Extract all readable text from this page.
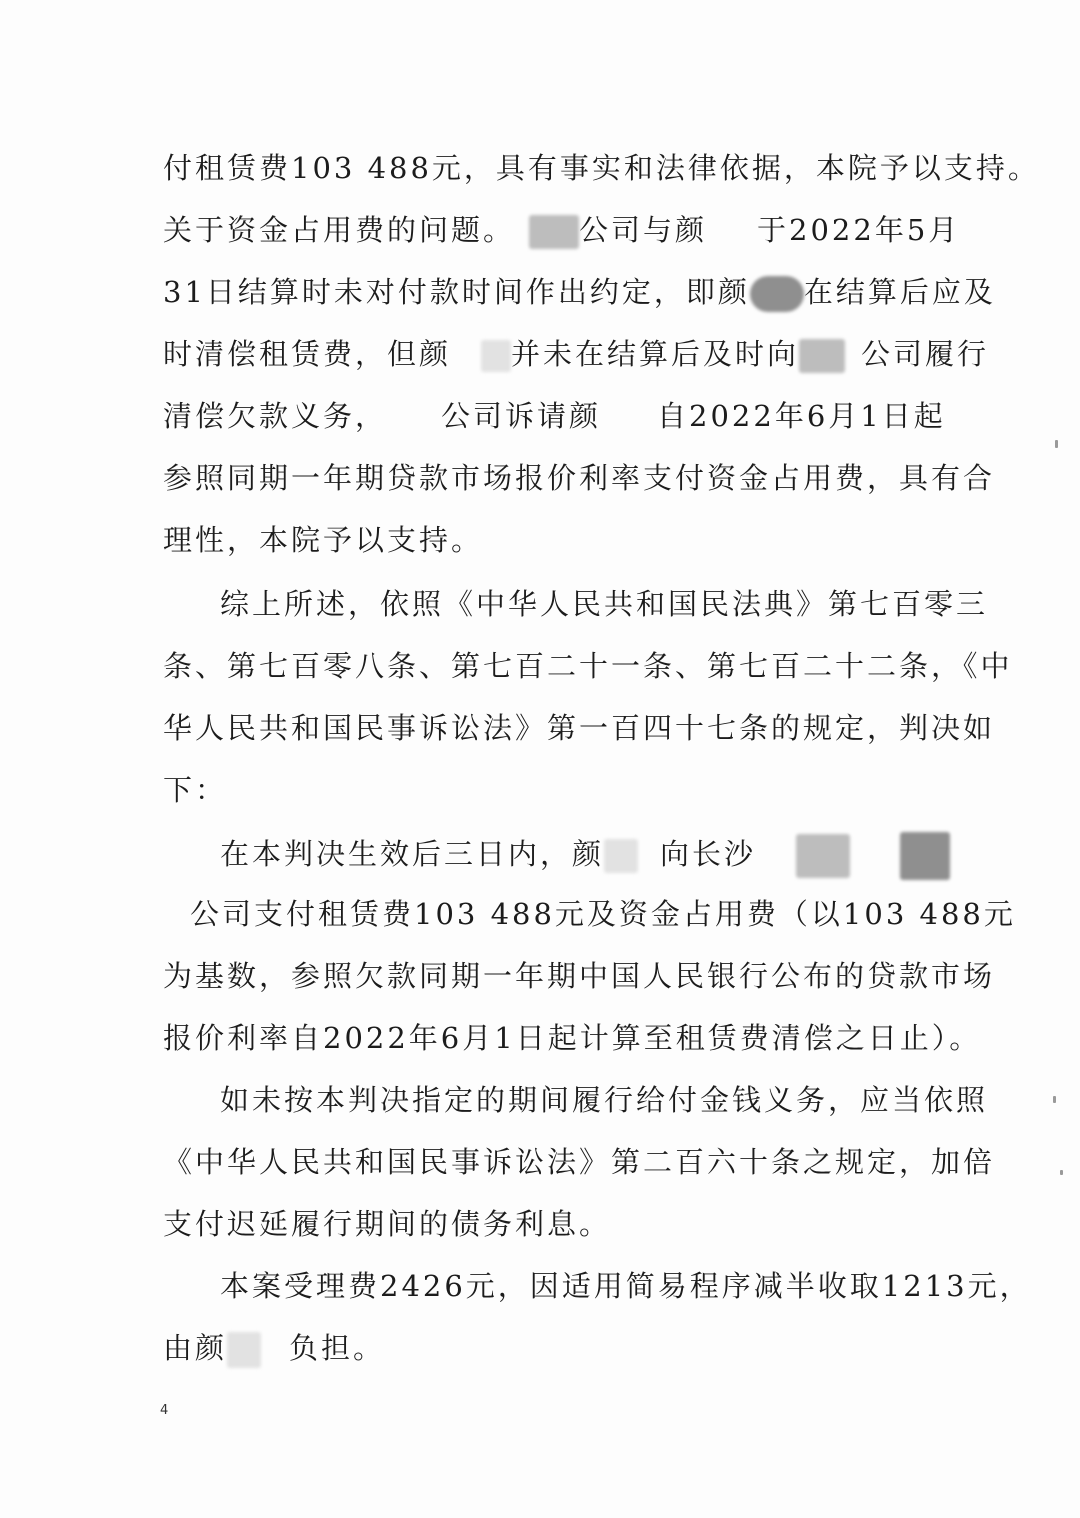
付租赁费103 488元，具有事实和法律依据，本院予以支持。
关于资金占用费的问题。 公司与颜 于2022年5月
31日结算时未对付款时间作出约定，即颜 在结算后应及
时清偿租赁费，但颜 并未在结算后及时向 公司履行
清偿欠款义务， 公司诉请颜 自2022年6月1日起
参照同期一年期贷款市场报价利率支付资金占用费，具有合
理性，本院予以支持。
综上所述，依照《中华人民共和国民法典》第七百零三
条、第七百零八条、第七百二十一条、第七百二十二条，《中
华人民共和国民事诉讼法》第一百四十七条的规定，判决如
下：
在本判决生效后三日内，颜 向长沙
公司支付租赁费103 488元及资金占用费（以103 488元
为基数，参照欠款同期一年期中国人民银行公布的贷款市场
报价利率自2022年6月1日起计算至租赁费清偿之日止）。
如未按本判决指定的期间履行给付金钱义务，应当依照
《中华人民共和国民事诉讼法》第二百六十条之规定，加倍
支付迟延履行期间的债务利息。
本案受理费2426元，因适用简易程序减半收取1213元，
由颜 负担。
4
